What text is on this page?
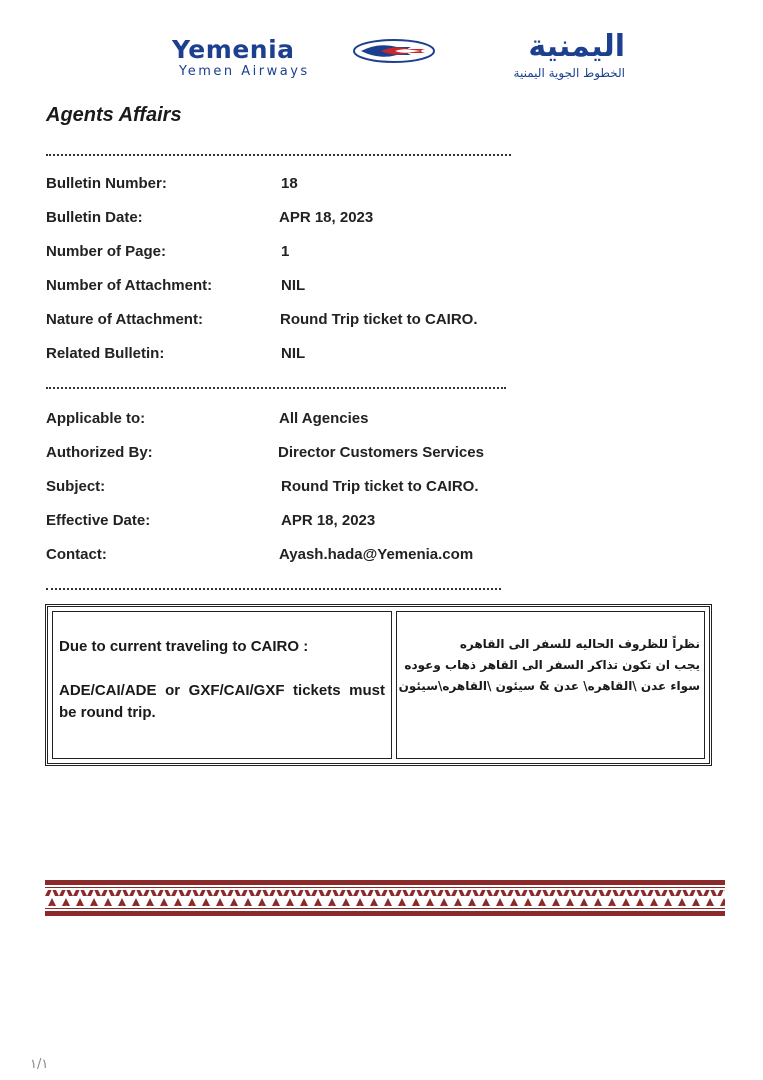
Yemenia
Yemen Airways
اليمنية
الخطوط الجوية اليمنية
Agents Affairs
Bulletin Number:	18
Bulletin Date:	APR 18, 2023
Number of Page:	1
Number of Attachment:	NIL
Nature of Attachment:	Round Trip ticket to CAIRO.
Related Bulletin:	NIL
Applicable to:	All Agencies
Authorized By:	Director Customers Services
Subject:	Round Trip ticket to CAIRO.
Effective Date:	APR 18, 2023
Contact:	Ayash.hada@Yemenia.com
Due to current traveling to CAIRO :
ADE/CAI/ADE or GXF/CAI/GXF tickets must be round trip.
نظراً للظروف الحاليه للسفر الى القاهره
يجب ان تكون تذاكر السفر الى القاهر ذهاب وعوده
سواء عدن \القاهره\ عدن & سيئون \القاهره\سيئون
١/١
